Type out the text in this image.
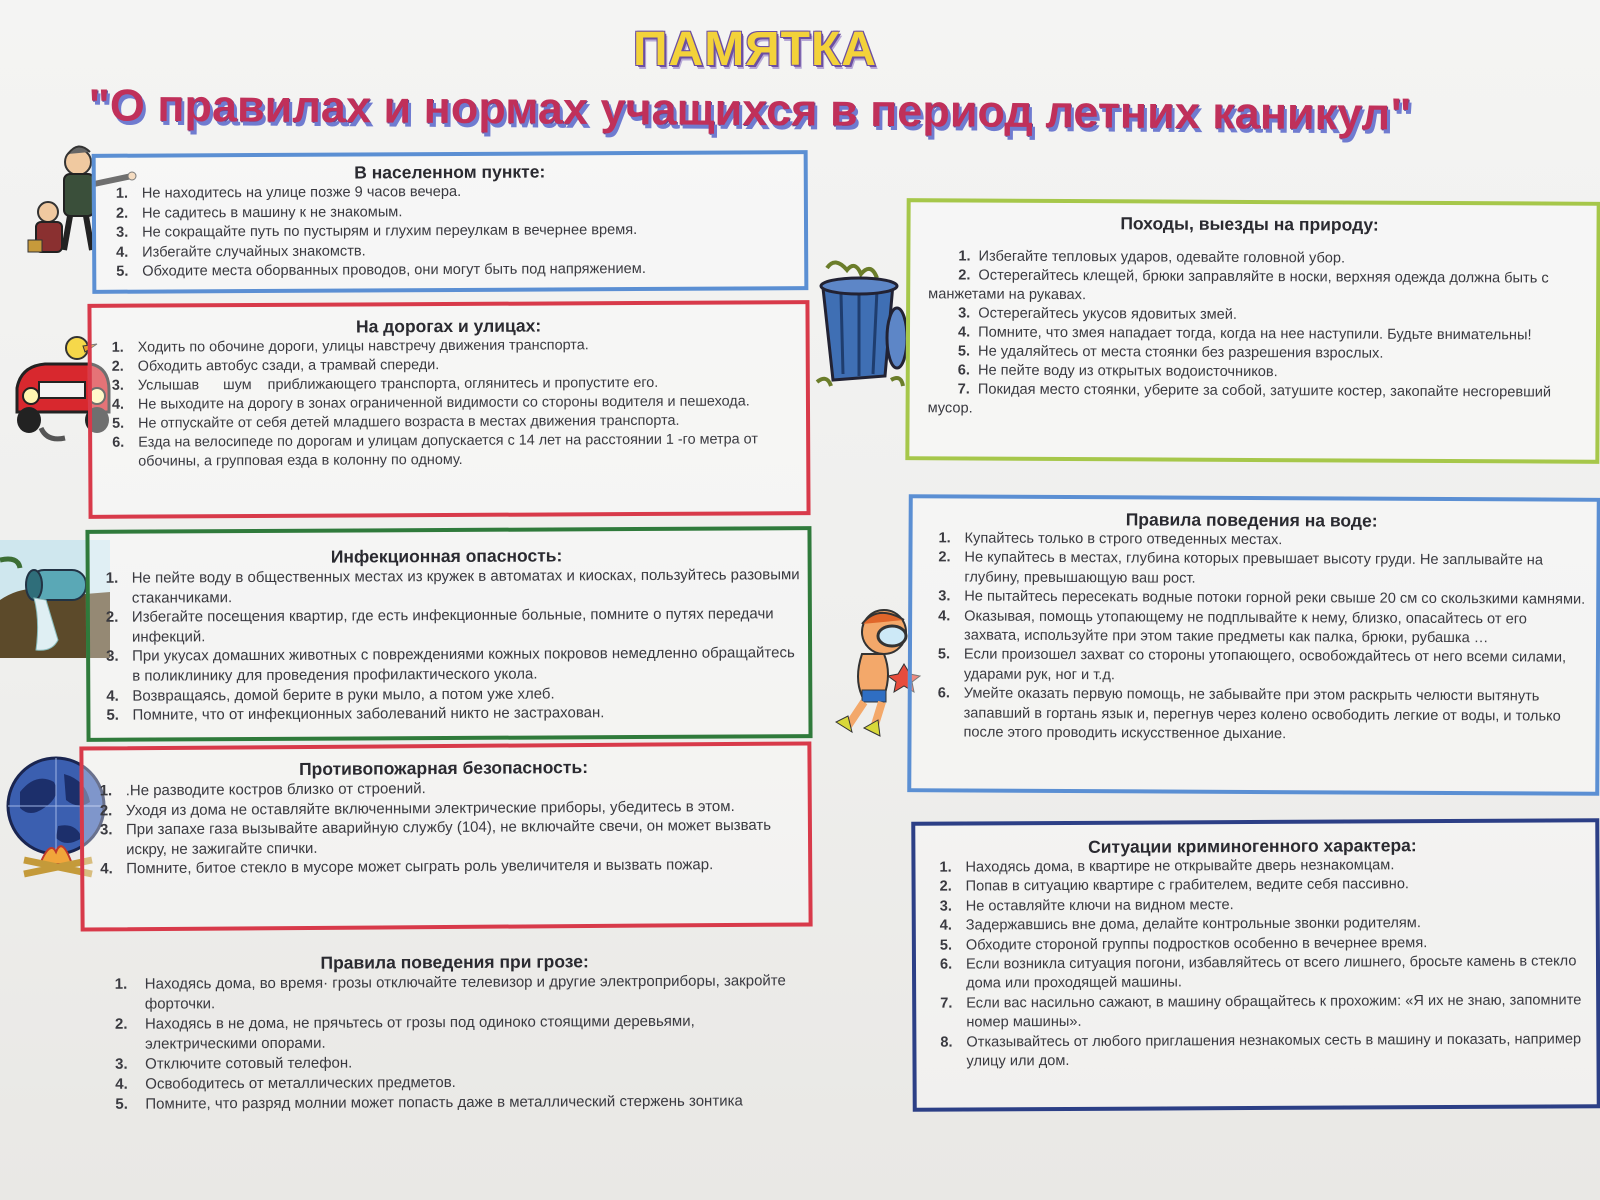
ПАМЯТКА
"О правилах и нормах учащихся в период летних каникул"
В населенном пункте:
1. Не находитесь на улице позже 9 часов вечера.
2. Не садитесь в машину к не знакомым.
3. Не сокращайте путь по пустырям и глухим переулкам в вечернее время.
4. Избегайте случайных знакомств.
5. Обходите места оборванных проводов, они могут быть под напряжением.
На дорогах и улицах:
1. Ходить по обочине дороги, улицы навстречу движения транспорта.
2. Обходить автобус сзади, а трамвай спереди.
3. Услышав      шум    приближающего транспорта, оглянитесь и пропустите его.
4. Не выходите на дорогу в зонах ограниченной видимости со стороны водителя и пешехода.
5. Не отпускайте от себя детей младшего возраста в местах движения транспорта.
6. Езда на велосипеде по дорогам и улицам допускается с 14 лет на расстоянии 1 -го метра от обочины, а групповая езда в колонну по одному.
Инфекционная опасность:
1. Не пейте воду в общественных местах из кружек в автоматах и киосках, пользуйтесь разовыми стаканчиками.
2. Избегайте посещения квартир, где есть инфекционные больные, помните о путях передачи инфекций.
3. При укусах домашних животных с повреждениями кожных покровов немедленно обращайтесь в поликлинику для проведения профилактического укола.
4. Возвращаясь, домой берите в руки мыло, а потом уже хлеб.
5. Помните, что от инфекционных заболеваний никто не застрахован.
Противопожарная безопасность:
1. .Не разводите костров близко от строений.
2. Уходя из дома не оставляйте включенными электрические приборы, убедитесь в этом.
3. При запахе газа вызывайте аварийную службу (104), не включайте свечи, он может вызвать искру, не зажигайте спички.
4. Помните, битое стекло в мусоре может сыграть роль увеличителя и вызвать пожар.
Правила поведения при грозе:
1. Находясь дома, во время· грозы отключайте телевизор и другие электроприборы, закройте форточки.
2. Находясь в не дома, не прячьтесь от грозы под одиноко стоящими деревьями, электрическими опорами.
3. Отключите сотовый телефон.
4. Освободитесь от металлических предметов.
5. Помните, что разряд молнии может попасть даже в металлический стержень зонтика
Походы, выезды на природу:
1. Избегайте тепловых ударов, одевайте головной убор.
2. Остерегайтесь клещей, брюки заправляйте в носки, верхняя одежда должна быть с манжетами на рукавах.
3. Остерегайтесь укусов ядовитых змей.
4. Помните, что змея нападает тогда, когда на нее наступили. Будьте внимательны!
5. Не удаляйтесь от места стоянки без разрешения взрослых.
6. Не пейте воду из открытых водоисточников.
7. Покидая место стоянки, уберите за собой, затушите костер, закопайте несгоревший мусор.
Правила поведения на воде:
1. Купайтесь только в строго отведенных местах.
2. Не купайтесь в местах, глубина которых превышает высоту груди. Не заплывайте на глубину, превышающую ваш рост.
3. Не пытайтесь пересекать водные потоки горной реки свыше 20 см со скользкими камнями.
4. Оказывая, помощь утопающему не подплывайте к нему, близко, опасайтесь от его захвата, используйте при этом такие предметы как палка, брюки, рубашка …
5. Если произошел захват со стороны утопающего, освобождайтесь от него всеми силами, ударами рук, ног и т.д.
6. Умейте оказать первую помощь, не забывайте при этом раскрыть челюсти вытянуть запавший в гортань язык и, перегнув через колено освободить легкие от воды, и только после этого проводить искусственное дыхание.
Ситуации криминогенного характера:
1. Находясь дома, в квартире не открывайте дверь незнакомцам.
2. Попав в ситуацию квартире с грабителем, ведите себя пассивно.
3. Не оставляйте ключи на видном месте.
4. Задержавшись вне дома, делайте контрольные звонки родителям.
5. Обходите стороной группы подростков особенно в вечернее время.
6. Если возникла ситуация погони, избавляйтесь от всего лишнего, бросьте камень в стекло дома или проходящей машины.
7. Если вас насильно сажают, в машину обращайтесь к прохожим: «Я их не знаю, запомните номер машины».
8. Отказывайтесь от любого приглашения незнакомых сесть в машину и показать, например улицу или дом.
